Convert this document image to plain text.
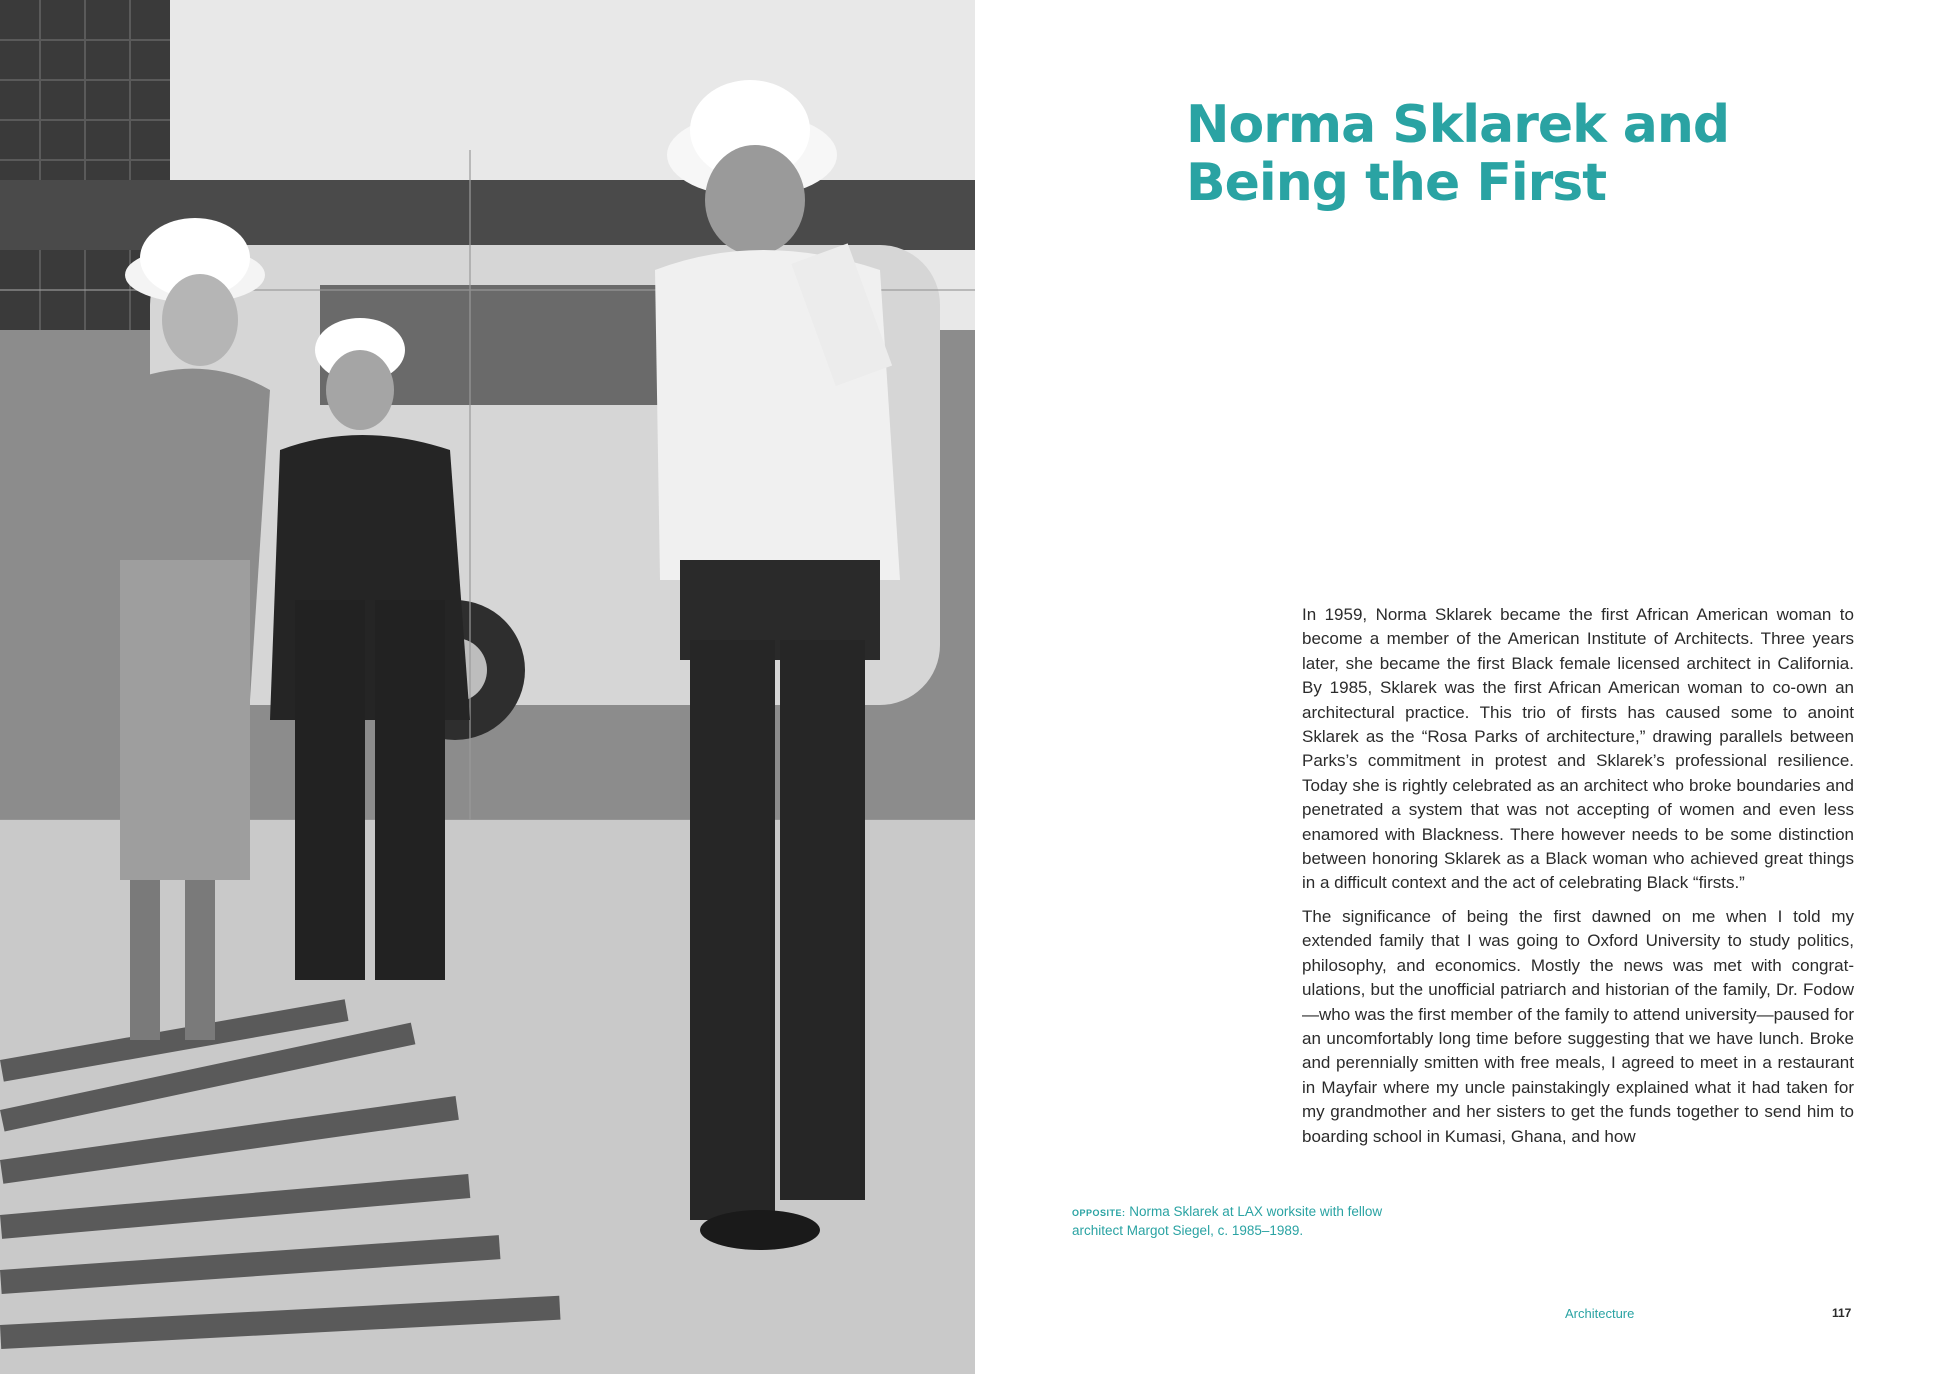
Norma Sklarek and Being the First

In 1959, Norma Sklarek became the first African American woman to become a member of the American Institute of Architects. Three years later, she became the first Black female licensed architect in California. By 1985, Sklarek was the first African American woman to co-own an architectural practice. This trio of firsts has caused some to anoint Sklarek as the “Rosa Parks of architecture,” drawing parallels between Parks’s commitment in protest and Sklarek’s professional resilience. Today she is rightly celebrated as an architect who broke boundaries and penetrated a system that was not accepting of women and even less enamored with Blackness. There however needs to be some distinction between honoring Sklarek as a Black woman who achieved great things in a difficult context and the act of celebrating Black “firsts.”

The significance of being the first dawned on me when I told my extended family that I was going to Oxford University to study politics, philosophy, and economics. Mostly the news was met with congratulations, but the unofficial patriarch and historian of the family, Dr. Fodow—who was the first member of the family to attend university—paused for an uncomfortably long time before suggesting that we have lunch. Broke and perennially smitten with free meals, I agreed to meet in a restaurant in Mayfair where my uncle painstakingly explained what it had taken for my grandmother and her sisters to get the funds together to send him to boarding school in Kumasi, Ghana, and how

OPPOSITE: Norma Sklarek at LAX worksite with fellow architect Margot Siegel, c. 1985–1989.
Architecture	117
